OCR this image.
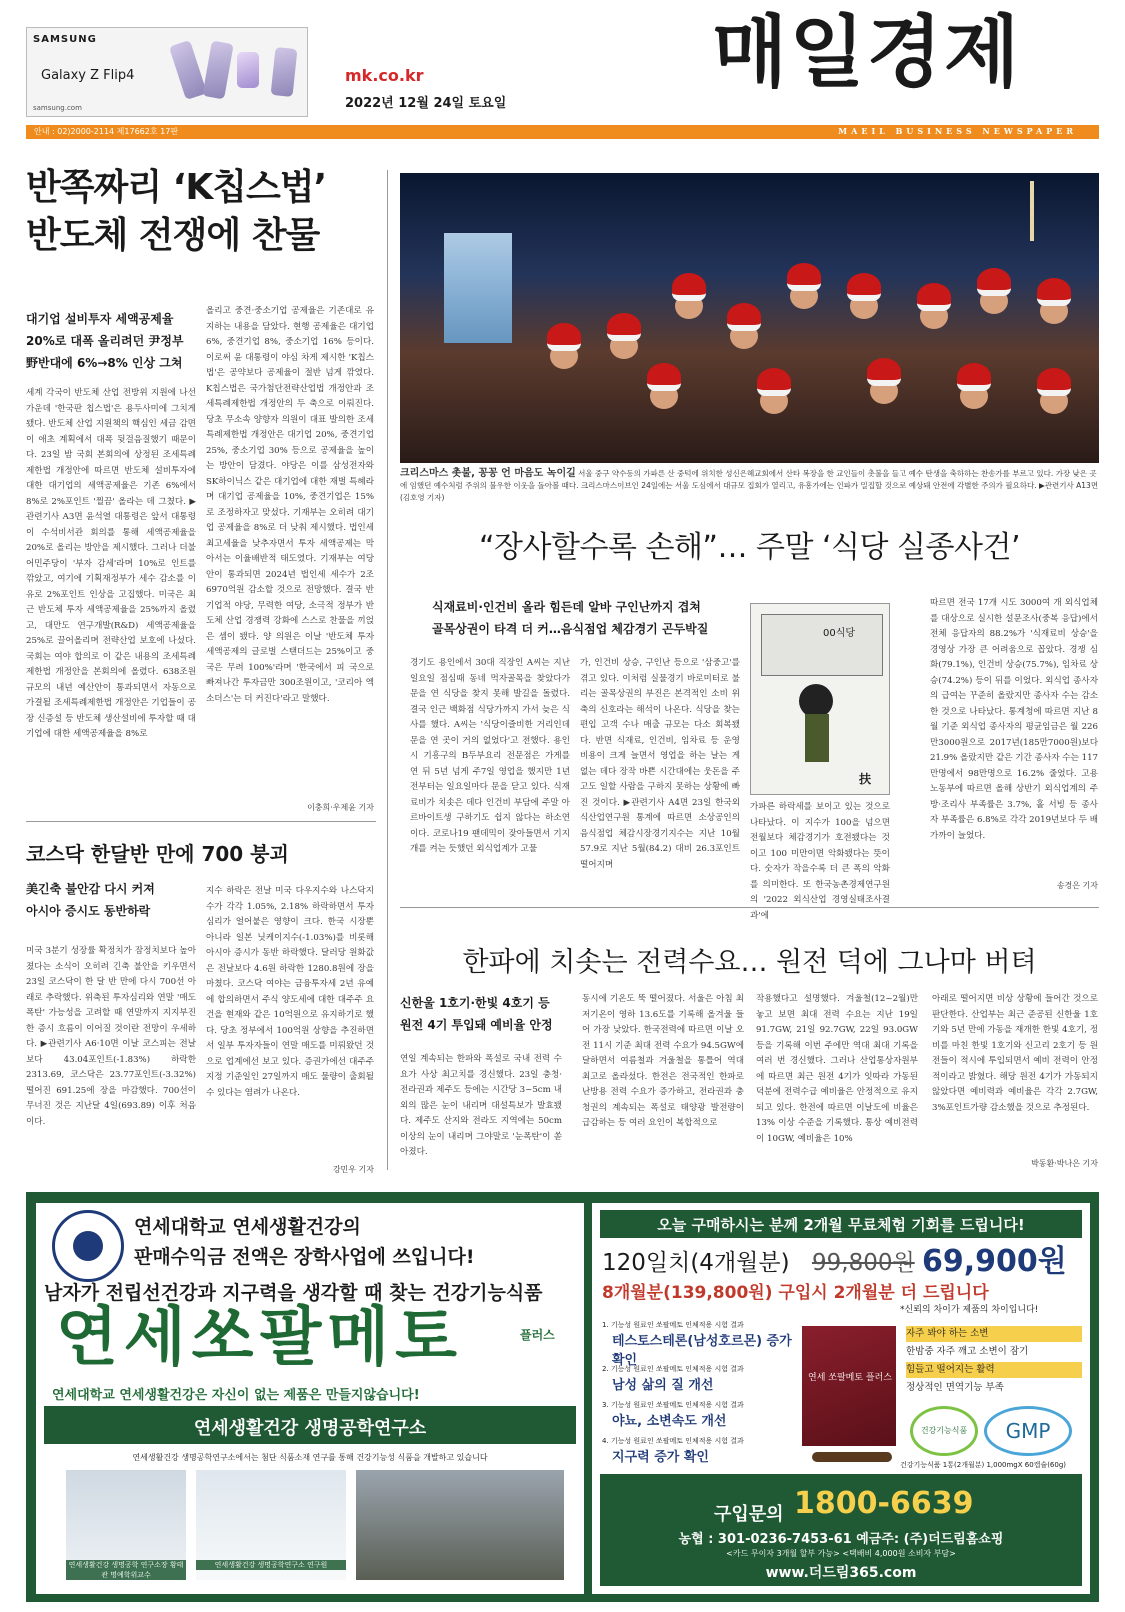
SAMSUNG
Galaxy Z Flip4
samsung.com
mk.co.kr
2022년 12월 24일 토요일
매일경제
안내 : 02)2000-2114 제17662호 17판	MAEIL BUSINESS NEWSPAPER
반쪽짜리 ‘K칩스법’
반도체 전쟁에 찬물
대기업 설비투자 세액공제율
20%로 대폭 올리려던 尹정부
野반대에 6%→8% 인상 그쳐
세계 각국이 반도체 산업 전방위 지원에 나선 가운데 '한국판 칩스법'은 용두사미에 그치게 됐다. 반도체 산업 지원책의 핵심인 세금 감면이 애초 계획에서 대폭 뒷걸음질했기 때문이다. 23일 밤 국회 본회의에 상정된 조세특례제한법 개정안에 따르면 반도체 설비투자에 대한 대기업의 세액공제율은 기존 6%에서 8%로 2%포인트 '찔끔' 올라는 데 그쳤다. ▶관련기사 A3면 윤석열 대통령은 앞서 대통령이 수석비서관 회의를 통해 세액공제율을 20%로 올리는 방안을 제시했다. 그러나 더불어민주당이 '부자 감세'라며 10%로 인트를 깎았고, 여기에 기획재정부가 세수 감소를 이유로 2%포인트 인상을 고집했다. 미국은 최근 반도체 투자 세액공제율을 25%까지 올렸고, 대만도 연구개발(R&D) 세액공제율을 25%로 끌어올리며 전략산업 보호에 나섰다. 국회는 여야 합의로 이 같은 내용의 조세특례제한법 개정안을 본회의에 올렸다. 638조원 규모의 내년 예산안이 통과되면서 자동으로 가결될 조세특례제한법 개정안은 기업들이 공장 신증설 등 반도체 생산설비에 투자할 때 대기업에 대한 세액공제율을 8%로
올리고 중견·중소기업 공제율은 기존대로 유지하는 내용을 담았다. 현행 공제율은 대기업 6%, 중견기업 8%, 중소기업 16% 등이다. 이로써 윤 대통령이 야심 차게 제시한 'K칩스법'은 공약보다 공제율이 절반 넘게 깎였다. K칩스법은 국가첨단전략산업법 개정안과 조세특례제한법 개정안의 두 축으로 이뤄진다. 당초 무소속 양향자 의원이 대표 발의한 조세특례제한법 개정안은 대기업 20%, 중견기업 25%, 중소기업 30% 등으로 공제율을 높이는 방안이 담겼다. 야당은 이를 삼성전자와 SK하이닉스 같은 대기업에 대한 재벌 특혜라며 대기업 공제율을 10%, 중견기업은 15%로 조정하자고 맞섰다. 기재부는 오히려 대기업 공제율을 8%로 더 낮춰 제시했다. 법인세 최고세율을 낮추자면서 투자 세액공제는 막아서는 이율배반적 태도였다. 기재부는 여당안이 통과되면 2024년 법인세 세수가 2조6970억원 감소할 것으로 전망했다. 결국 반기업적 야당, 무력한 여당, 소극적 정부가 반도체 산업 경쟁력 강화에 스스로 찬물을 끼얹은 셈이 됐다. 양 의원은 이날 '반도체 투자 세액공제의 글로벌 스탠더드는 25%이고 중국은 무려 100%'라며 '한국에서 피 국으로 빠져나간 투자금만 300조원이고, '코리아 엑소더스'는 더 커진다'라고 말했다.
이충희·우제윤 기자
코스닥 한달반 만에 700 붕괴
美긴축 불안감 다시 커져
아시아 증시도 동반하락
미국 3분기 성장률 확정치가 잠정치보다 높아졌다는 소식이 오히려 긴축 불안을 키우면서 23일 코스닥이 한 달 반 만에 다시 700선 아래로 추락했다. 위축된 투자심리와 연말 '매도 폭탄' 가능성을 고려할 때 연말까지 지지부진한 증시 흐름이 이어질 것이란 전망이 우세하다. ▶관련기사 A6·10면 이날 코스피는 전날보다 43.04포인트(-1.83%) 하락한 2313.69, 코스닥은 23.77포인트(-3.32%) 떨어진 691.25에 장을 마감했다. 700선이 무너진 것은 지난달 4일(693.89) 이후 처음이다.
지수 하락은 전날 미국 다우지수와 나스닥지수가 각각 1.05%, 2.18% 하락하면서 투자심리가 얼어붙은 영향이 크다. 한국 시장뿐 아니라 일본 닛케이지수(-1.03%)를 비롯해 아시아 증시가 동반 하락했다. 달러당 원화값은 전날보다 4.6원 하락한 1280.8원에 장을 마쳤다. 코스닥 여야는 금융투자세 2년 유예에 합의하면서 주식 양도세에 대한 대주주 요건을 현재와 같은 10억원으로 유지하기로 했다. 당초 정부에서 100억원 상향을 추진하면서 일부 투자자들이 연말 매도를 미뤄왔던 것으로 업계에선 보고 있다. 증권가에선 대주주 지정 기준일인 27일까지 매도 물량이 출회될 수 있다는 염려가 나온다.
강민우 기자
크리스마스 촛불, 꽁꽁 언 마음도 녹이길 서울 중구 약수동의 가파른 산 중턱에 위치한 성신은혜교회에서 산타 복장을 한 교인들이 촛불을 들고 예수 탄생을 축하하는 찬송가를 부르고 있다. 가장 낮은 곳에 임했던 예수처럼 주위의 불우한 이웃을 돌아볼 때다. 크리스마스이브인 24일에는 서울 도심에서 대규모 집회가 열리고, 유흥가에는 인파가 밀집할 것으로 예상돼 안전에 각별한 주의가 필요하다. ▶관련기사 A13면 (김호영 기자)
“장사할수록 손해”… 주말 ‘식당 실종사건’
식재료비·인건비 올라 힘든데 알바 구인난까지 겹쳐
골목상권이 타격 더 커…음식점업 체감경기 곤두박질
경기도 용인에서 30대 직장인 A씨는 지난 일요일 점심때 동네 먹자골목을 찾았다가 문을 연 식당을 찾지 못해 발길을 돌렸다. 결국 인근 백화점 식당가까지 가서 늦은 식사를 했다. A씨는 '식당이즐비한 거리인데문을 연 곳이 거의 없었다'고 전했다. 용인시 기흥구의 B두부요리 전문점은 가게를 연 뒤 5년 넘게 주7일 영업을 했지만 1년 전부터는 일요일마다 문을 닫고 있다. 식재료비가 치솟은 데다 인건비 부담에 주말 아르바이트생 구하기도 쉽지 않다는 하소연이다. 코로나19 팬데믹이 잦아들면서 기지개를 켜는 듯했던 외식업계가 고물
가, 인건비 상승, 구인난 등으로 '삼중고'를 겪고 있다. 이처럼 실물경기 바로미터로 불리는 골목상권의 부진은 본격적인 소비 위축의 신호라는 해석이 나온다. 식당을 찾는 편입 고객 수나 매출 규모는 다소 회복됐다. 반면 식재료, 인건비, 임차료 등 운영 비용이 크게 늘면서 영업을 하는 날는 게 없는 데다 장작 바쁜 시간대에는 웃돈을 주고도 일할 사람을 구하지 못하는 상황에 빠진 것이다. ▶관련기사 A4면 23일 한국외식산업연구원 통계에 따르면 소상공인의 음식점업 체감시장경기지수는 지난 10월 57.9로 지난 5월(84.2) 대비 26.3포인트 떨어지며
00식당
扶
가파른 하락세를 보이고 있는 것으로 나타났다. 이 지수가 100을 넘으면 전월보다 체감경기가 호전됐다는 것이고 100 미만이면 악화됐다는 뜻이다. 숫자가 작을수록 더 큰 폭의 악화를 의미한다. 또 한국농촌경제연구원의 '2022 외식산업 경영실태조사결과'에
따르면 전국 17개 시도 3000여 개 외식업체를 대상으로 실시한 설문조사(중복 응답)에서 전체 응답자의 88.2%가 '식재료비 상승'을 경영상 가장 큰 어려움으로 꼽았다. 경쟁 심화(79.1%), 인건비 상승(75.7%), 임차료 상승(74.2%) 등이 뒤를 이었다. 외식업 종사자의 급여는 꾸준히 올랐지만 종사자 수는 감소한 것으로 나타났다. 통계청에 따르면 지난 8월 기준 외식업 종사자의 평균임금은 월 226만3000원으로 2017년(185만7000원)보다 21.9% 올랐지만 같은 기간 종사자 수는 117만명에서 98만명으로 16.2% 줄었다. 고용노동부에 따르면 올해 상반기 외식업계의 주방·조리사 부족률은 3.7%, 홀 서빙 등 종사자 부족률은 6.8%로 각각 2019년보다 두 배 가까이 늘었다.
송경은 기자
한파에 치솟는 전력수요… 원전 덕에 그나마 버텨
신한울 1호기·한빛 4호기 등
원전 4기 투입돼 예비율 안정
연일 계속되는 한파와 폭설로 국내 전력 수요가 사상 최고치를 경신했다. 23일 충청·전라권과 제주도 등에는 시간당 3~5cm 내외의 많은 눈이 내리며 대설특보가 발효됐다. 제주도 산지와 전라도 지역에는 50cm 이상의 눈이 내리며 그야말로 '눈폭탄'이 쏟아졌다.
동시에 기온도 뚝 떨어졌다. 서울은 아침 최저기온이 영하 13.6도를 기록해 올겨울 들어 가장 낮았다. 한국전력에 따르면 이날 오전 11시 기준 최대 전력 수요가 94.5GW에 달하면서 여름철과 겨울철을 통틀어 역대 최고로 올라섰다. 한전은 전국적인 한파로 난방용 전력 수요가 증가하고, 전라권과 충청권의 계속되는 폭설로 태양광 발전량이 급감하는 등 여러 요인이 복합적으로
작용했다고 설명했다. 겨울철(12~2월)만 놓고 보면 최대 전력 수요는 지난 19일 91.7GW, 21일 92.7GW, 22일 93.0GW 등을 기록해 이번 주에만 역대 최대 기록을 여러 번 경신했다. 그러나 산업통상자원부에 따르면 최근 원전 4기가 잇따라 가동된 덕분에 전력수급 예비율은 안정적으로 유지되고 있다. 한전에 따르면 이날도에 비율은 13% 이상 수준을 기록했다. 통상 예비전력이 10GW, 예비율은 10%
아래로 떨어지면 비상 상황에 들어간 것으로 판단한다. 산업부는 최근 준공된 신한울 1호기와 5년 만에 가동을 재개한 한빛 4호기, 정비를 마친 한빛 1호기와 신고리 2호기 등 원전들이 적시에 투입되면서 예비 전력이 안정적이라고 밝혔다. 해당 원전 4기가 가동되지 않았다면 예비력과 예비율은 각각 2.7GW, 3%포인트가량 감소했을 것으로 추정된다.
박동환·박나은 기자
연세대학교 연세생활건강의
판매수익금 전액은 장학사업에 쓰입니다!
남자가 전립선건강과 지구력을 생각할 때 찾는 건강기능식품
연세쏘팔메토	플러스
연세대학교 연세생활건강은 자신이 없는 제품은 만들지않습니다!
연세생활건강 생명공학연구소
연세생활건강 생명공학연구소에서는 첨단 식품소재 연구를 통해 건강기능성 식품을 개발하고 있습니다
연세생활건강 생명공학 연구소장 황태관 명예학위교수
연세생활건강 생명공학연구소 연구원
오늘 구매하시는 분께 2개월 무료체험 기회를 드립니다!
120일치(4개월분) 99,800원 69,900원
8개월분(139,800원) 구입시 2개월분 더 드립니다
*신뢰의 차이가 제품의 차이입니다!
1. 기능성 원료인 쏘팔메토 인체적용 시험 결과
테스토스테론(남성호르몬) 증가확인
2. 기능성 원료인 쏘팔메토 인체적용 시험 결과
남성 삶의 질 개선
3. 기능성 원료인 쏘팔메토 인체적용 시험 결과
야뇨, 소변속도 개선
4. 기능성 원료인 쏘팔메토 인체적용 시험 결과
지구력 증가 확인
연세 쏘팔메토 플러스
자주 봐야 하는 소변
한밤중 자주 깨고 소변이 잠기
힘들고 떨어지는 활력
정상적인 면역기능 부족
건강기능식품	GMP
건강기능식품 1통(2개월분) 1,000mgX 60캡슐(60g)
구입문의 1800-6639
농협 : 301-0236-7453-61 예금주: (주)더드림홈쇼핑
<카드 무이자 3개월 할부 가능> <택배비 4,000원 소비자 부담>
www.더드림365.com
